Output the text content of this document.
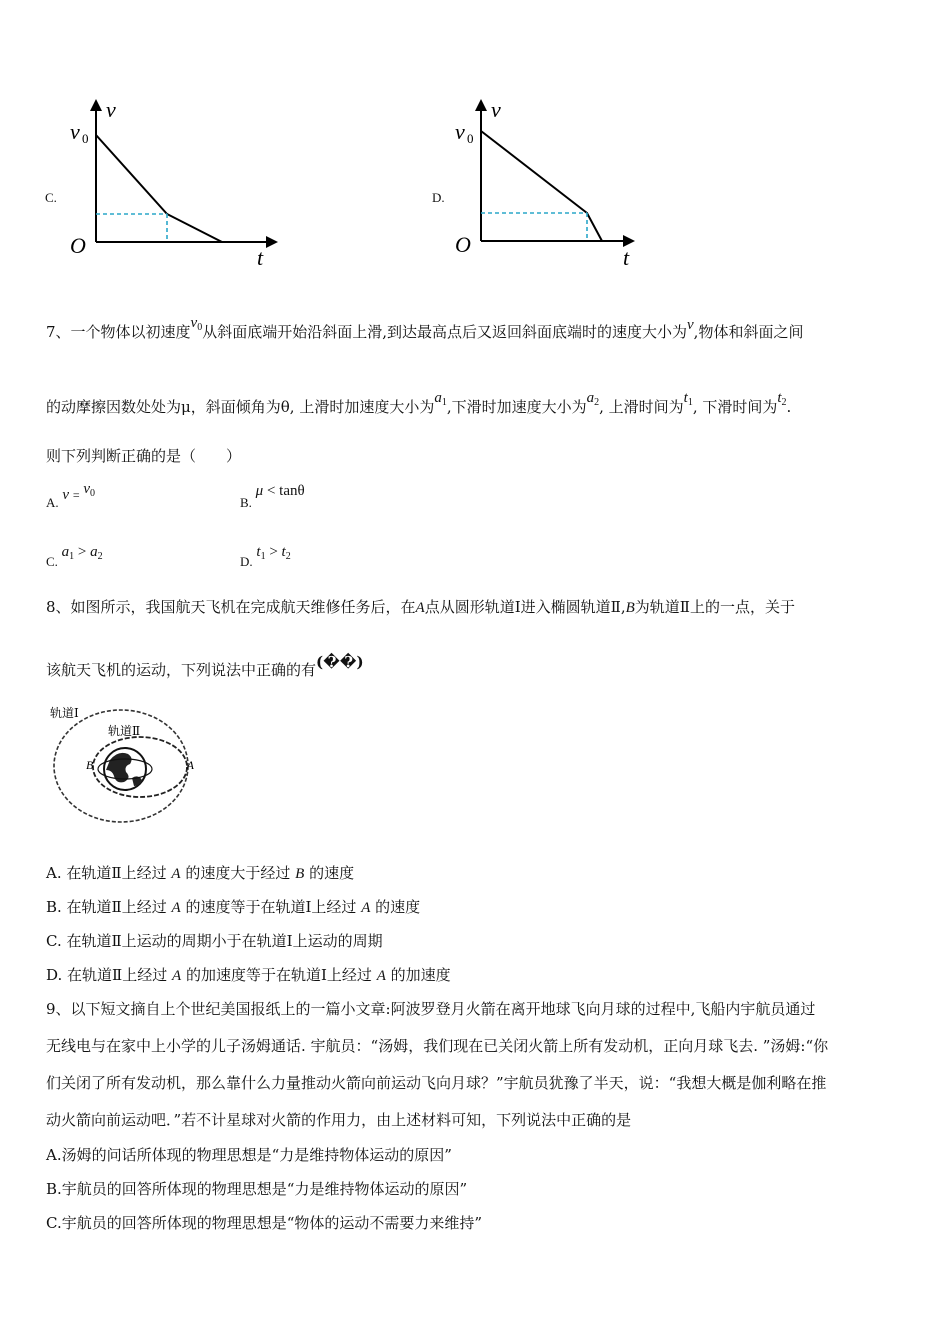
C.
v
v 0
O	t
D.
v
v 0
O
t
7、一个物体以初速度$v_0$从斜面底端开始沿斜面上滑,到达最高点后又返回斜面底端时的速度大小为v,物体和斜面之间
的动摩擦因数处处为μ，斜面倾角为θ, 上滑时加速度大小为$a_1$,下滑时加速度大小为$a_2$, 上滑时间为$t_1$, 下滑时间为$t_2$.
则下列判断正确的是（　　）
A. $v = v_0$
B. μ < tanθ
C. $a_1 > a_2$	D. $t_1 > t_2$
8、如图所示，我国航天飞机在完成航天维修任务后，在A点从圆形轨道Ⅰ进入椭圆轨道Ⅱ,B为轨道Ⅱ上的一点，关于
该航天飞机的运动，下列说法中正确的有(��)
轨道Ⅰ
轨道Ⅱ
B	A
A. 在轨道Ⅱ上经过 A 的速度大于经过 B 的速度
B. 在轨道Ⅱ上经过 A 的速度等于在轨道Ⅰ上经过 A 的速度
C. 在轨道Ⅱ上运动的周期小于在轨道Ⅰ上运动的周期
D. 在轨道Ⅱ上经过 A 的加速度等于在轨道Ⅰ上经过 A 的加速度
9、以下短文摘自上个世纪美国报纸上的一篇小文章:阿波罗登月火箭在离开地球飞向月球的过程中,飞船内宇航员通过
无线电与在家中上小学的儿子汤姆通话. 宇航员：“汤姆，我们现在已关闭火箭上所有发动机，正向月球飞去. ”汤姆:“你
们关闭了所有发动机，那么靠什么力量推动火箭向前运动飞向月球？”宇航员犹豫了半天，说：“我想大概是伽利略在推
动火箭向前运动吧．”若不计星球对火箭的作用力，由上述材料可知，下列说法中正确的是
A.汤姆的问话所体现的物理思想是“力是维持物体运动的原因”
B.宇航员的回答所体现的物理思想是“力是维持物体运动的原因”
C.宇航员的回答所体现的物理思想是“物体的运动不需要力来维持”
